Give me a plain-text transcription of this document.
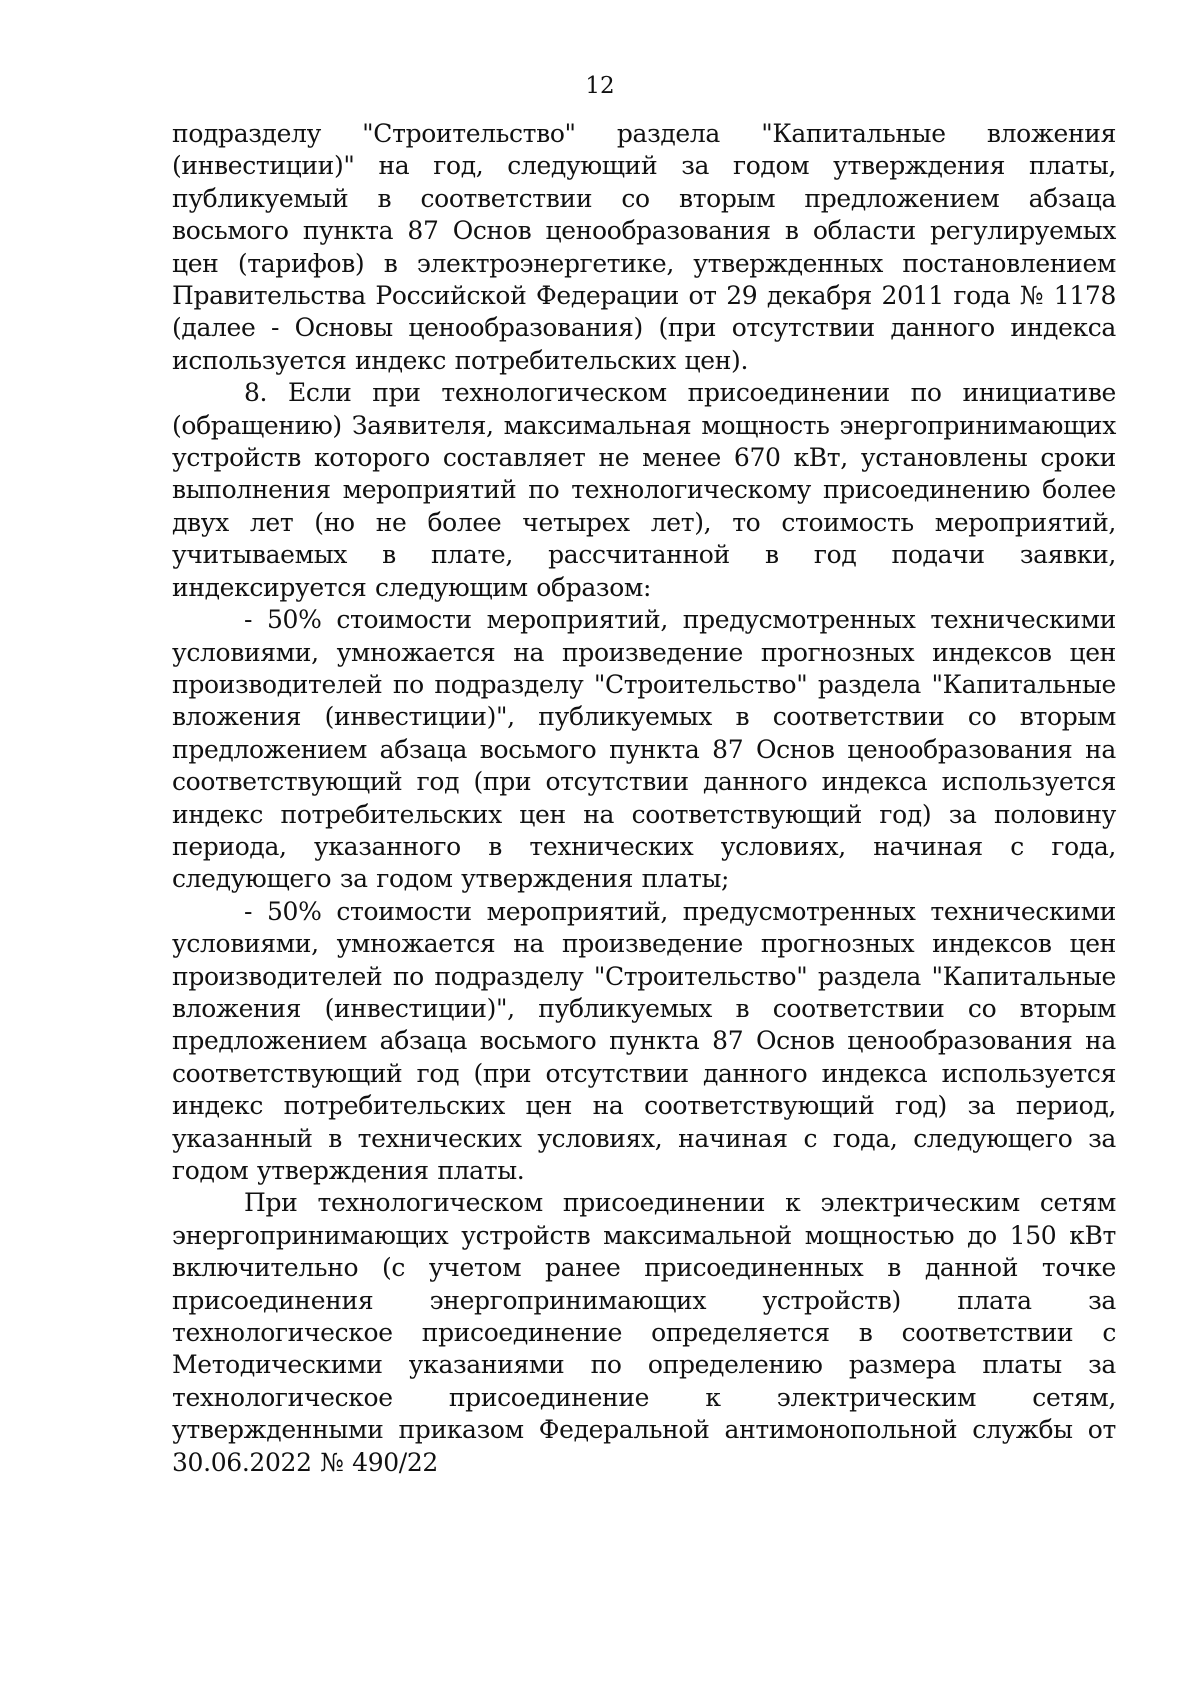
12

подразделу "Строительство" раздела "Капитальные вложения (инвестиции)" на год, следующий за годом утверждения платы, публикуемый в соответствии со вторым предложением абзаца восьмого пункта 87 Основ ценообразования в области регулируемых цен (тарифов) в электроэнергетике, утвержденных постановлением Правительства Российской Федерации от 29 декабря 2011 года № 1178 (далее - Основы ценообразования) (при отсутствии данного индекса используется индекс потребительских цен).

8. Если при технологическом присоединении по инициативе (обращению) Заявителя, максимальная мощность энергопринимающих устройств которого составляет не менее 670 кВт, установлены сроки выполнения мероприятий по технологическому присоединению более двух лет (но не более четырех лет), то стоимость мероприятий, учитываемых в плате, рассчитанной в год подачи заявки, индексируется следующим образом:

- 50% стоимости мероприятий, предусмотренных техническими условиями, умножается на произведение прогнозных индексов цен производителей по подразделу "Строительство" раздела "Капитальные вложения (инвестиции)", публикуемых в соответствии со вторым предложением абзаца восьмого пункта 87 Основ ценообразования на соответствующий год (при отсутствии данного индекса используется индекс потребительских цен на соответствующий год) за половину периода, указанного в технических условиях, начиная с года, следующего за годом утверждения платы;

- 50% стоимости мероприятий, предусмотренных техническими условиями, умножается на произведение прогнозных индексов цен производителей по подразделу "Строительство" раздела "Капитальные вложения (инвестиции)", публикуемых в соответствии со вторым предложением абзаца восьмого пункта 87 Основ ценообразования на соответствующий год (при отсутствии данного индекса используется индекс потребительских цен на соответствующий год) за период, указанный в технических условиях, начиная с года, следующего за годом утверждения платы.

При технологическом присоединении к электрическим сетям энергопринимающих устройств максимальной мощностью до 150 кВт включительно (с учетом ранее присоединенных в данной точке присоединения энергопринимающих устройств) плата за технологическое присоединение определяется в соответствии с Методическими указаниями по определению размера платы за технологическое присоединение к электрическим сетям, утвержденными приказом Федеральной антимонопольной службы от 30.06.2022 № 490/22
